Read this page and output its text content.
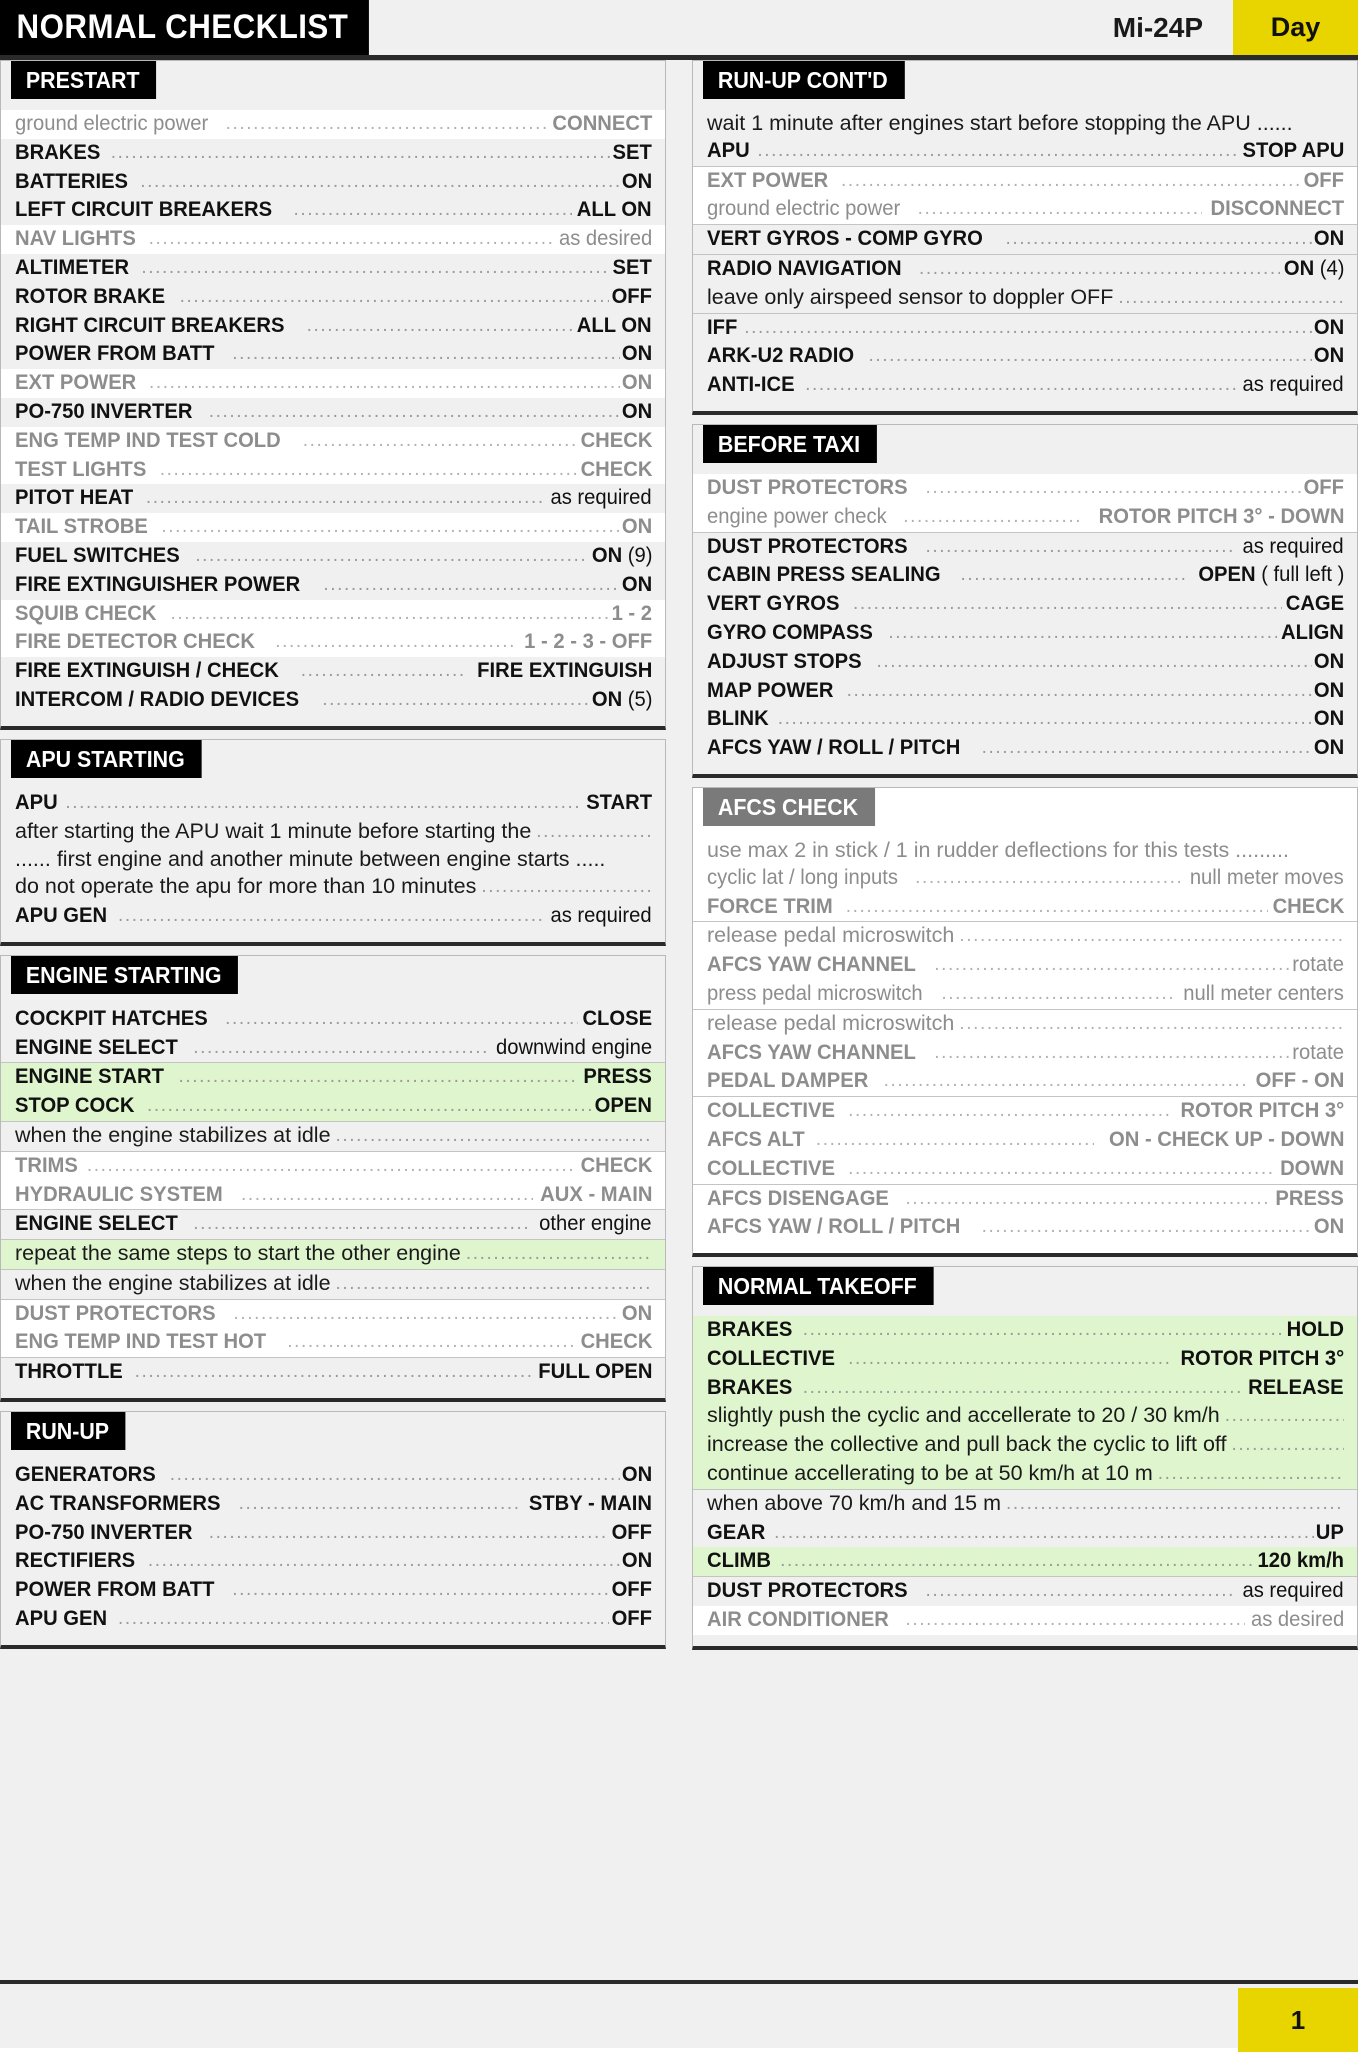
NORMAL CHECKLIST	Mi-24P	Day
PRESTART
ground electric power .....	CONNECT
BRAKES .....	SET
BATTERIES .....	ON
LEFT CIRCUIT BREAKERS .....	ALL ON
NAV LIGHTS .....	as desired
ALTIMETER .....	SET
ROTOR BRAKE .....	OFF
RIGHT CIRCUIT BREAKERS .....	ALL ON
POWER FROM BATT .....	ON
EXT POWER .....	ON
PO-750 INVERTER .....	ON
ENG TEMP IND TEST COLD .....	CHECK
TEST LIGHTS .....	CHECK
PITOT HEAT .....	as required
TAIL STROBE .....	ON
FUEL SWITCHES .....	ON (9)
FIRE EXTINGUISHER POWER .....	ON
SQUIB CHECK .....	1 - 2
FIRE DETECTOR CHECK .....	1 - 2 - 3 - OFF
FIRE EXTINGUISH / CHECK .....	FIRE EXTINGUISH
INTERCOM / RADIO DEVICES .....	ON (5)
APU STARTING
APU .....	START
after starting the APU wait 1 minute before starting the
.....
...... first engine and another minute between engine starts .....
do not operate the apu for more than 10 minutes
.....
APU GEN .....	as required
ENGINE STARTING
COCKPIT HATCHES .....	CLOSE
ENGINE SELECT .....	downwind engine
ENGINE START .....	PRESS
STOP COCK .....	OPEN
when the engine stabilizes at idle
.....
TRIMS .....	CHECK
HYDRAULIC SYSTEM .....	AUX - MAIN
ENGINE SELECT .....	other engine
repeat the same steps to start the other engine
.....
when the engine stabilizes at idle
.....
DUST PROTECTORS .....	ON
ENG TEMP IND TEST HOT .....	CHECK
THROTTLE .....	FULL OPEN
RUN-UP
GENERATORS .....	ON
AC TRANSFORMERS .....	STBY - MAIN
PO-750 INVERTER .....	OFF
RECTIFIERS .....	ON
POWER FROM BATT .....	OFF
APU GEN .....	OFF
RUN-UP CONT'D
wait 1 minute after engines start before stopping the APU ......
APU .....	STOP APU
EXT POWER .....	OFF
ground electric power .....	DISCONNECT
VERT GYROS - COMP GYRO .....	ON
RADIO NAVIGATION .....	ON (4)
leave only airspeed sensor to doppler OFF
.....
IFF .....	ON
ARK-U2 RADIO .....	ON
ANTI-ICE .....	as required
BEFORE TAXI
DUST PROTECTORS .....	OFF
engine power check .....	ROTOR PITCH 3° - DOWN
DUST PROTECTORS .....	as required
CABIN PRESS SEALING .....	OPEN ( full left )
VERT GYROS .....	CAGE
GYRO COMPASS .....	ALIGN
ADJUST STOPS .....	ON
MAP POWER .....	ON
BLINK .....	ON
AFCS YAW / ROLL / PITCH .....	ON
AFCS CHECK
use max 2 in stick / 1 in rudder deflections for this tests .........
cyclic lat / long inputs .....	null meter moves
FORCE TRIM .....	CHECK
release pedal microswitch
.....
AFCS YAW CHANNEL .....	rotate
press pedal microswitch .....	null meter centers
release pedal microswitch
.....
AFCS YAW CHANNEL .....	rotate
PEDAL DAMPER .....	OFF - ON
COLLECTIVE .....	ROTOR PITCH 3°
AFCS ALT .....	ON - CHECK UP - DOWN
COLLECTIVE .....	DOWN
AFCS DISENGAGE .....	PRESS
AFCS YAW / ROLL / PITCH .....	ON
NORMAL TAKEOFF
BRAKES .....	HOLD
COLLECTIVE .....	ROTOR PITCH 3°
BRAKES .....	RELEASE
slightly push the cyclic and accellerate to 20 / 30 km/h
.....
increase the collective and pull back the cyclic to lift off
.....
continue accellerating to be at 50 km/h at 10 m
.....
when above 70 km/h and 15 m
.....
GEAR .....	UP
CLIMB .....	120 km/h
DUST PROTECTORS .....	as required
AIR CONDITIONER .....	as desired
1
